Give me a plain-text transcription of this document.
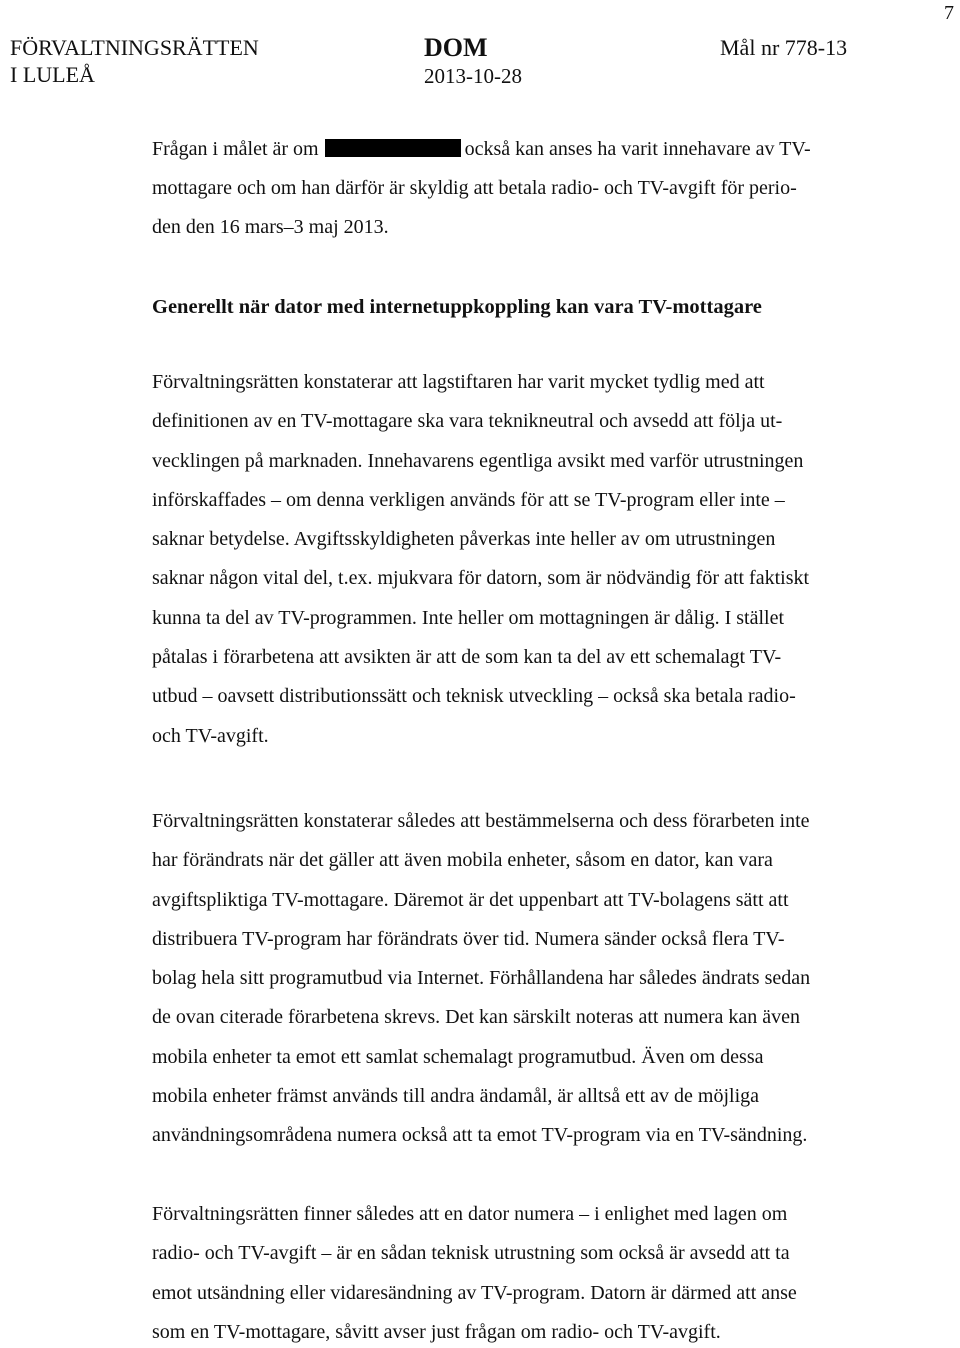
7
FÖRVALTNINGSRÄTTEN
I LULEÅ
DOM
2013-10-28
Mål nr 778-13
Frågan i målet är om	också kan anses ha varit innehavare av TV-
mottagare och om han därför är skyldig att betala radio- och TV-avgift för perio-
den den 16 mars–3 maj 2013.
Generellt när dator med internetuppkoppling kan vara TV-mottagare
Förvaltningsrätten konstaterar att lagstiftaren har varit mycket tydlig med att
definitionen av en TV-mottagare ska vara teknikneutral och avsedd att följa ut-
vecklingen på marknaden. Innehavarens egentliga avsikt med varför utrustningen
införskaffades – om denna verkligen används för att se TV-program eller inte –
saknar betydelse. Avgiftsskyldigheten påverkas inte heller av om utrustningen
saknar någon vital del, t.ex. mjukvara för datorn, som är nödvändig för att faktiskt
kunna ta del av TV-programmen. Inte heller om mottagningen är dålig. I stället
påtalas i förarbetena att avsikten är att de som kan ta del av ett schemalagt TV-
utbud – oavsett distributionssätt och teknisk utveckling – också ska betala radio-
och TV-avgift.
Förvaltningsrätten konstaterar således att bestämmelserna och dess förarbeten inte
har förändrats när det gäller att även mobila enheter, såsom en dator, kan vara
avgiftspliktiga TV-mottagare. Däremot är det uppenbart att TV-bolagens sätt att
distribuera TV-program har förändrats över tid. Numera sänder också flera TV-
bolag hela sitt programutbud via Internet. Förhållandena har således ändrats sedan
de ovan citerade förarbetena skrevs. Det kan särskilt noteras att numera kan även
mobila enheter ta emot ett samlat schemalagt programutbud. Även om dessa
mobila enheter främst används till andra ändamål, är alltså ett av de möjliga
användningsområdena numera också att ta emot TV-program via en TV-sändning.
Förvaltningsrätten finner således att en dator numera – i enlighet med lagen om
radio- och TV-avgift – är en sådan teknisk utrustning som också är avsedd att ta
emot utsändning eller vidaresändning av TV-program. Datorn är därmed att anse
som en TV-mottagare, såvitt avser just frågan om radio- och TV-avgift.
